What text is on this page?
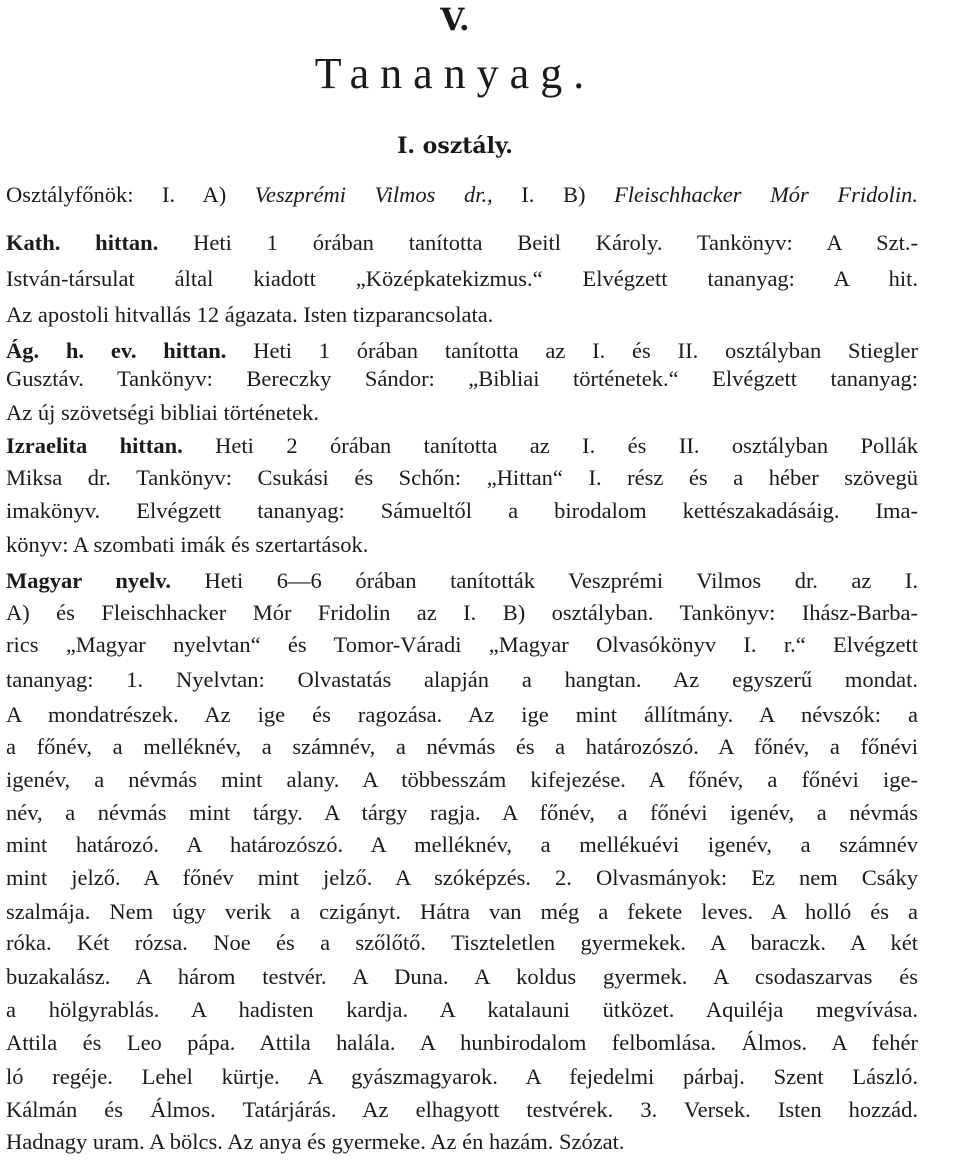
V.
Tananyag.
I. osztály.
Osztályfőnök: I. A) Veszprémi Vilmos dr., I. B) Fleischhacker Mór Fridolin.
Kath. hittan. Heti 1 órában tanította Beitl Károly. Tankönyv: A Szt.-
István-társulat által kiadott „Középkatekizmus.“ Elvégzett tananyag: A hit.
Az apostoli hitvallás 12 ágazata. Isten tizparancsolata.
Ág. h. ev. hittan. Heti 1 órában tanította az I. és II. osztályban Stiegler
Gusztáv. Tankönyv: Bereczky Sándor: „Bibliai történetek.“ Elvégzett tananyag:
Az új szövetségi bibliai történetek.
Izraelita hittan. Heti 2 órában tanította az I. és II. osztályban Pollák
Miksa dr. Tankönyv: Csukási és Schőn: „Hittan“ I. rész és a héber szövegü
imakönyv. Elvégzett tananyag: Sámueltől a birodalom kettészakadásáig. Ima-
könyv: A szombati imák és szertartások.
Magyar nyelv. Heti 6—6 órában tanították Veszprémi Vilmos dr. az I.
A) és Fleischhacker Mór Fridolin az I. B) osztályban. Tankönyv: Ihász-Barba-
rics „Magyar nyelvtan“ és Tomor-Váradi „Magyar Olvasókönyv I. r.“ Elvégzett
tananyag: 1. Nyelvtan: Olvastatás alapján a hangtan. Az egyszerű mondat.
A mondatrészek. Az ige és ragozása. Az ige mint állítmány. A névszók: a
a főnév, a melléknév, a számnév, a névmás és a határozószó. A főnév, a főnévi
igenév, a névmás mint alany. A többesszám kifejezése. A főnév, a főnévi ige-
név, a névmás mint tárgy. A tárgy ragja. A főnév, a főnévi igenév, a névmás
mint határozó. A határozószó. A melléknév, a mellékuévi igenév, a számnév
mint jelző. A főnév mint jelző. A szóképzés. 2. Olvasmányok: Ez nem Csáky
szalmája. Nem úgy verik a czigányt. Hátra van még a fekete leves. A holló és a
róka. Két rózsa. Noe és a szőlőtő. Tiszteletlen gyermekek. A baraczk. A két
buzakalász. A három testvér. A Duna. A koldus gyermek. A csodaszarvas és
a hölgyrablás. A hadisten kardja. A katalauni ütközet. Aquiléja megvívása.
Attila és Leo pápa. Attila halála. A hunbirodalom felbomlása. Álmos. A fehér
ló regéje. Lehel kürtje. A gyászmagyarok. A fejedelmi párbaj. Szent László.
Kálmán és Álmos. Tatárjárás. Az elhagyott testvérek. 3. Versek. Isten hozzád.
Hadnagy uram. A bölcs. Az anya és gyermeke. Az én hazám. Szózat.
